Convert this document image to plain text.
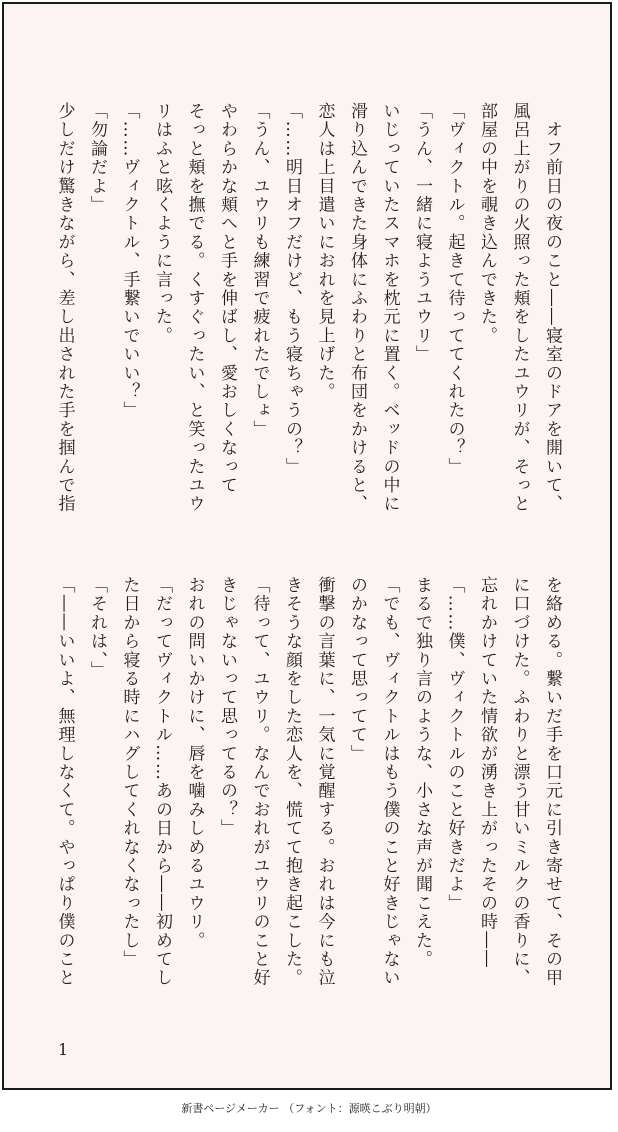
　オフ前日の夜のこと――寝室のドアを開いて、
風呂上がりの火照った頬をしたユウリが、そっと
部屋の中を覗き込んできた。
「ヴィクトル。起きて待っててくれたの？」
「うん、一緒に寝ようユウリ」
いじっていたスマホを枕元に置く。ベッドの中に
滑り込んできた身体にふわりと布団をかけると、
恋人は上目遣いにおれを見上げた。
「……明日オフだけど、もう寝ちゃうの？」
「うん、ユウリも練習で疲れたでしょ」
やわらかな頬へと手を伸ばし、愛おしくなって
そっと頬を撫でる。くすぐったい、と笑ったユウ
リはふと呟くように言った。
「……ヴィクトル、手繋いでいい？」
「勿論だよ」
少しだけ驚きながら、差し出された手を掴んで指
を絡める。繋いだ手を口元に引き寄せて、その甲
に口づけた。ふわりと漂う甘いミルクの香りに、
忘れかけていた情欲が湧き上がったその時――
「……僕、ヴィクトルのこと好きだよ」
まるで独り言のような、小さな声が聞こえた。
「でも、ヴィクトルはもう僕のこと好きじゃない
のかなって思ってて」
衝撃の言葉に、一気に覚醒する。おれは今にも泣
きそうな顔をした恋人を、慌てて抱き起こした。
「待って、ユウリ。なんでおれがユウリのこと好
きじゃないって思ってるの？」
おれの問いかけに、唇を噛みしめるユウリ。
「だってヴィクトル……あの日から――初めてし
た日から寝る時にハグしてくれなくなったし」
「それは、」
「――いいよ、無理しなくて。やっぱり僕のこと
1
新書ページメーカー （フォント：源暎こぶり明朝）
